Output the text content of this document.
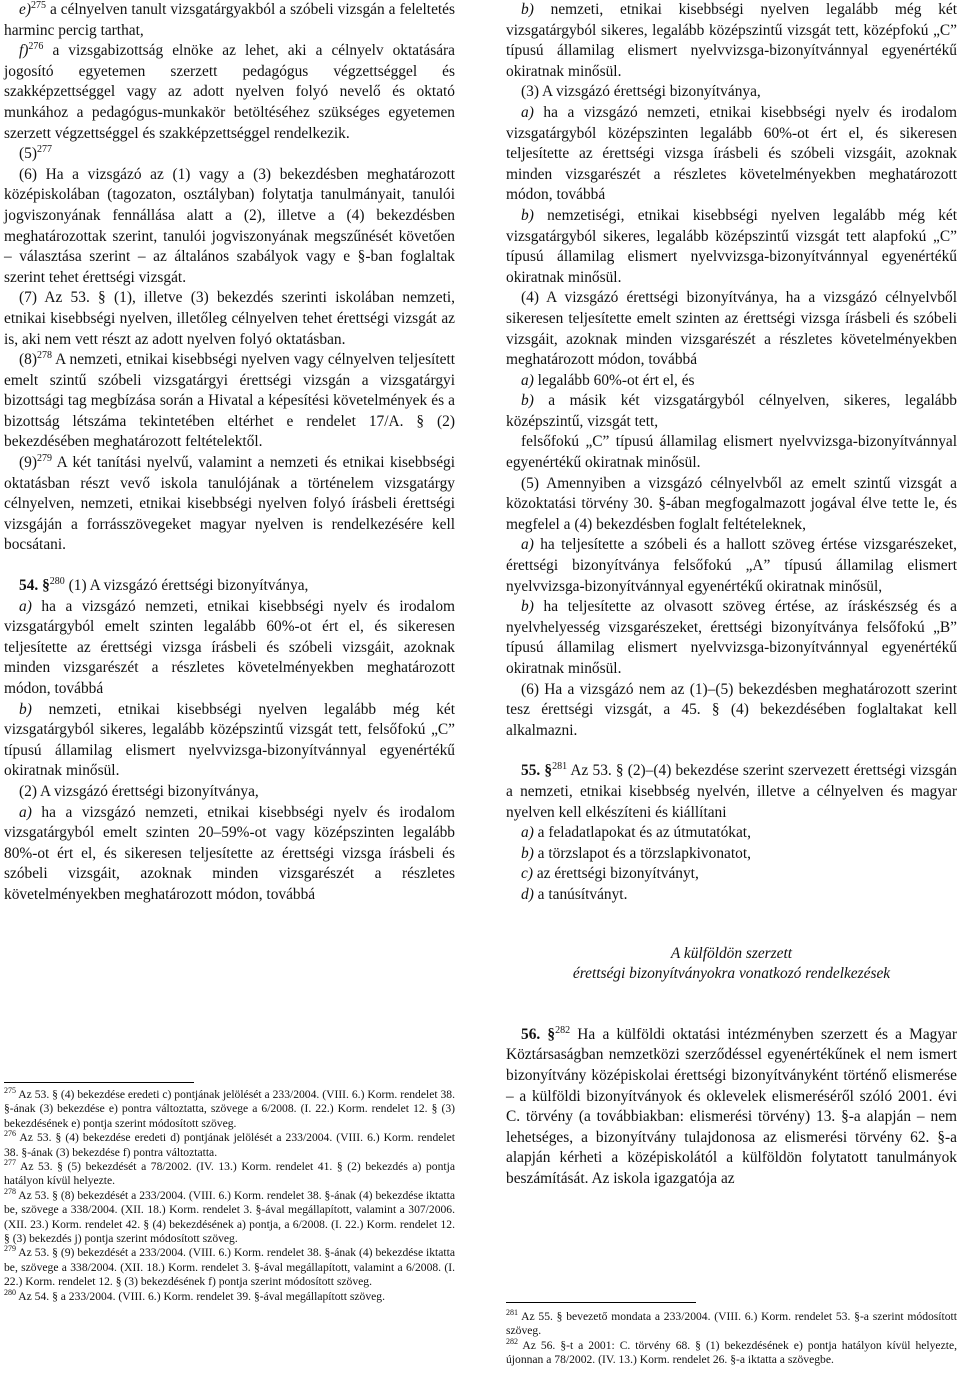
e)$^{275}$ a célnyelven tanult vizsgatárgyakból a szóbeli vizsgán a feleltetés harminc percig tarthat,

f)$^{276}$ a vizsgabizottság elnöke az lehet, aki a célnyelv oktatására jogosító egyetemen szerzett pedagógus végzettséggel és szakképzettséggel vagy az adott nyelven folyó nevelő és oktató munkához a pedagógus-munkakör betöltéséhez szükséges egyetemen szerzett végzettséggel és szakképzettséggel rendelkezik.

$(5)^{277}$

(6) Ha a vizsgázó az (1) vagy a (3) bekezdésben meghatározott középiskolában (tagozaton, osztályban) folytatja tanulmányait, tanulói jogviszonyának fennállása alatt a (2), illetve a (4) bekezdésben meghatározottak szerint, tanulói jogviszonyának megszűnését követően – választása szerint – az általános szabályok vagy e §-ban foglaltak szerint tehet érettségi vizsgát.

(7) Az 53. § (1), illetve (3) bekezdés szerinti iskolában nemzeti, etnikai kisebbségi nyelven, illetőleg célnyelven tehet érettségi vizsgát az is, aki nem vett részt az adott nyelven folyó oktatásban.

$(8)^{278}$ A nemzeti, etnikai kisebbségi nyelven vagy célnyelven teljesített emelt szintű szóbeli vizsgatárgyi érettségi vizsgán a vizsgatárgyi bizottsági tag megbízása során a Hivatal a képesítési követelmények és a bizottság létszáma tekintetében eltérhet e rendelet 17/A. § (2) bekezdésében meghatározott feltételektől.

$(9)^{279}$ A két tanítási nyelvű, valamint a nemzeti és etnikai kisebbségi oktatásban részt vevő iskola tanulójának a történelem vizsgatárgy célnyelven, nemzeti, etnikai kisebbségi nyelven folyó írásbeli érettségi vizsgáján a forrásszövegeket magyar nyelven is rendelkezésére kell bocsátani.

54. §$^{280}$ (1) A vizsgázó érettségi bizonyítványa,

a) ha a vizsgázó nemzeti, etnikai kisebbségi nyelv és irodalom vizsgatárgyból emelt szinten legalább 60%-ot ért el, és sikeresen teljesítette az érettségi vizsga írásbeli és szóbeli vizsgáit, azoknak minden vizsgarészét a részletes követelményekben meghatározott módon, továbbá

b) nemzeti, etnikai kisebbségi nyelven legalább még két vizsgatárgyból sikeres, legalább középszintű vizsgát tett, felsőfokú „C” típusú államilag elismert nyelvvizsga-bizonyítvánnyal egyenértékű okiratnak minősül.

(2) A vizsgázó érettségi bizonyítványa,

a) ha a vizsgázó nemzeti, etnikai kisebbségi nyelv és irodalom vizsgatárgyból emelt szinten 20–59%-ot vagy középszinten legalább 80%-ot ért el, és sikeresen teljesítette az érettségi vizsga írásbeli és szóbeli vizsgáit, azoknak minden vizsgarészét a részletes követelményekben meghatározott módon, továbbá

b) nemzeti, etnikai kisebbségi nyelven legalább még két vizsgatárgyból sikeres, legalább középszintű vizsgát tett, középfokú „C” típusú államilag elismert nyelvvizsga-bizonyítvánnyal egyenértékű okiratnak minősül.

(3) A vizsgázó érettségi bizonyítványa,

a) ha a vizsgázó nemzeti, etnikai kisebbségi nyelv és irodalom vizsgatárgyból középszinten legalább 60%-ot ért el, és sikeresen teljesítette az érettségi vizsga írásbeli és szóbeli vizsgáit, azoknak minden vizsgarészét a részletes követelményekben meghatározott módon, továbbá

b) nemzetiségi, etnikai kisebbségi nyelven legalább még két vizsgatárgyból sikeres, legalább középszintű vizsgát tett alapfokú „C” típusú államilag elismert nyelvvizsga-bizonyítvánnyal egyenértékű okiratnak minősül.

(4) A vizsgázó érettségi bizonyítványa, ha a vizsgázó célnyelvből sikeresen teljesítette emelt szinten az érettségi vizsga írásbeli és szóbeli vizsgáit, azoknak minden vizsgarészét a részletes követelményekben meghatározott módon, továbbá

a) legalább 60%-ot ért el, és

b) a másik két vizsgatárgyból célnyelven, sikeres, legalább középszintű, vizsgát tett,

felsőfokú „C” típusú államilag elismert nyelvvizsga-bizonyítvánnyal egyenértékű okiratnak minősül.

(5) Amennyiben a vizsgázó célnyelvből az emelt szintű vizsgát a közoktatási törvény 30. §-ában megfogalmazott jogával élve tette le, és megfelel a (4) bekezdésben foglalt feltételeknek,

a) ha teljesítette a szóbeli és a hallott szöveg értése vizsgarészeket, érettségi bizonyítványa felsőfokú „A” típusú államilag elismert nyelvvizsga-bizonyítvánnyal egyenértékű okiratnak minősül,

b) ha teljesítette az olvasott szöveg értése, az íráskészség és a nyelvhelyesség vizsgarészeket, érettségi bizonyítványa felsőfokú „B” típusú államilag elismert nyelvvizsga-bizonyítvánnyal egyenértékű okiratnak minősül.

(6) Ha a vizsgázó nem az (1)–(5) bekezdésben meghatározott szerint tesz érettségi vizsgát, a 45. § (4) bekezdésében foglaltakat kell alkalmazni.

55. §$^{281}$ Az 53. § (2)–(4) bekezdése szerint szervezett érettségi vizsgán a nemzeti, etnikai kisebbség nyelvén, illetve a célnyelven és magyar nyelven kell elkészíteni és kiállítani

a) a feladatlapokat és az útmutatókat,

b) a törzslapot és a törzslapkivonatot,

c) az érettségi bizonyítványt,

d) a tanúsítványt.

A külföldön szerzett

érettségi bizonyítványokra vonatkozó rendelkezések

56. §$^{282}$ Ha a külföldi oktatási intézményben szerzett és a Magyar Köztársaságban nemzetközi szerződéssel egyenértékűnek el nem ismert bizonyítvány középiskolai érettségi bizonyítványként történő elismerése – a külföldi bizonyítványok és oklevelek elismeréséről szóló 2001. évi C. törvény (a továbbiakban: elismerési törvény) 13. §-a alapján – nem lehetséges, a bizonyítvány tulajdonosa az elismerési törvény 62. §-a alapján kérheti a középiskolától a külföldön folytatott tanulmányok beszámítását. Az iskola igazgatója az

$^{275}$ Az 53. § (4) bekezdése eredeti c) pontjának jelölését a 233/2004. (VIII. 6.) Korm. rendelet 38. §-ának (3) bekezdése e) pontra változtatta, szövege a 6/2008. (I. 22.) Korm. rendelet 12. § (3) bekezdésének e) pontja szerint módosított szöveg.

$^{276}$ Az 53. § (4) bekezdése eredeti d) pontjának jelölését a 233/2004. (VIII. 6.) Korm. rendelet 38. §-ának (3) bekezdése f) pontra változtatta.

$^{277}$ Az 53. § (5) bekezdését a 78/2002. (IV. 13.) Korm. rendelet 41. § (2) bekezdés a) pontja hatályon kívül helyezte.

$^{278}$ Az 53. § (8) bekezdését a 233/2004. (VIII. 6.) Korm. rendelet 38. §-ának (4) bekezdése iktatta be, szövege a 338/2004. (XII. 18.) Korm. rendelet 3. §-ával megállapított, valamint a 307/2006. (XII. 23.) Korm. rendelet 42. § (4) bekezdésének a) pontja, a 6/2008. (I. 22.) Korm. rendelet 12. § (3) bekezdés j) pontja szerint módosított szöveg.

$^{279}$ Az 53. § (9) bekezdését a 233/2004. (VIII. 6.) Korm. rendelet 38. §-ának (4) bekezdése iktatta be, szövege a 338/2004. (XII. 18.) Korm. rendelet 3. §-ával megállapított, valamint a 6/2008. (I. 22.) Korm. rendelet 12. § (3) bekezdésének f) pontja szerint módosított szöveg.

$^{280}$ Az 54. § a 233/2004. (VIII. 6.) Korm. rendelet 39. §-ával megállapított szöveg.

$^{281}$ Az 55. § bevezető mondata a 233/2004. (VIII. 6.) Korm. rendelet 53. §-a szerint módosított szöveg.

$^{282}$ Az 56. §-t a 2001: C. törvény 68. § (1) bekezdésének e) pontja hatályon kívül helyezte, újonnan a 78/2002. (IV. 13.) Korm. rendelet 26. §-a iktatta a szövegbe.
